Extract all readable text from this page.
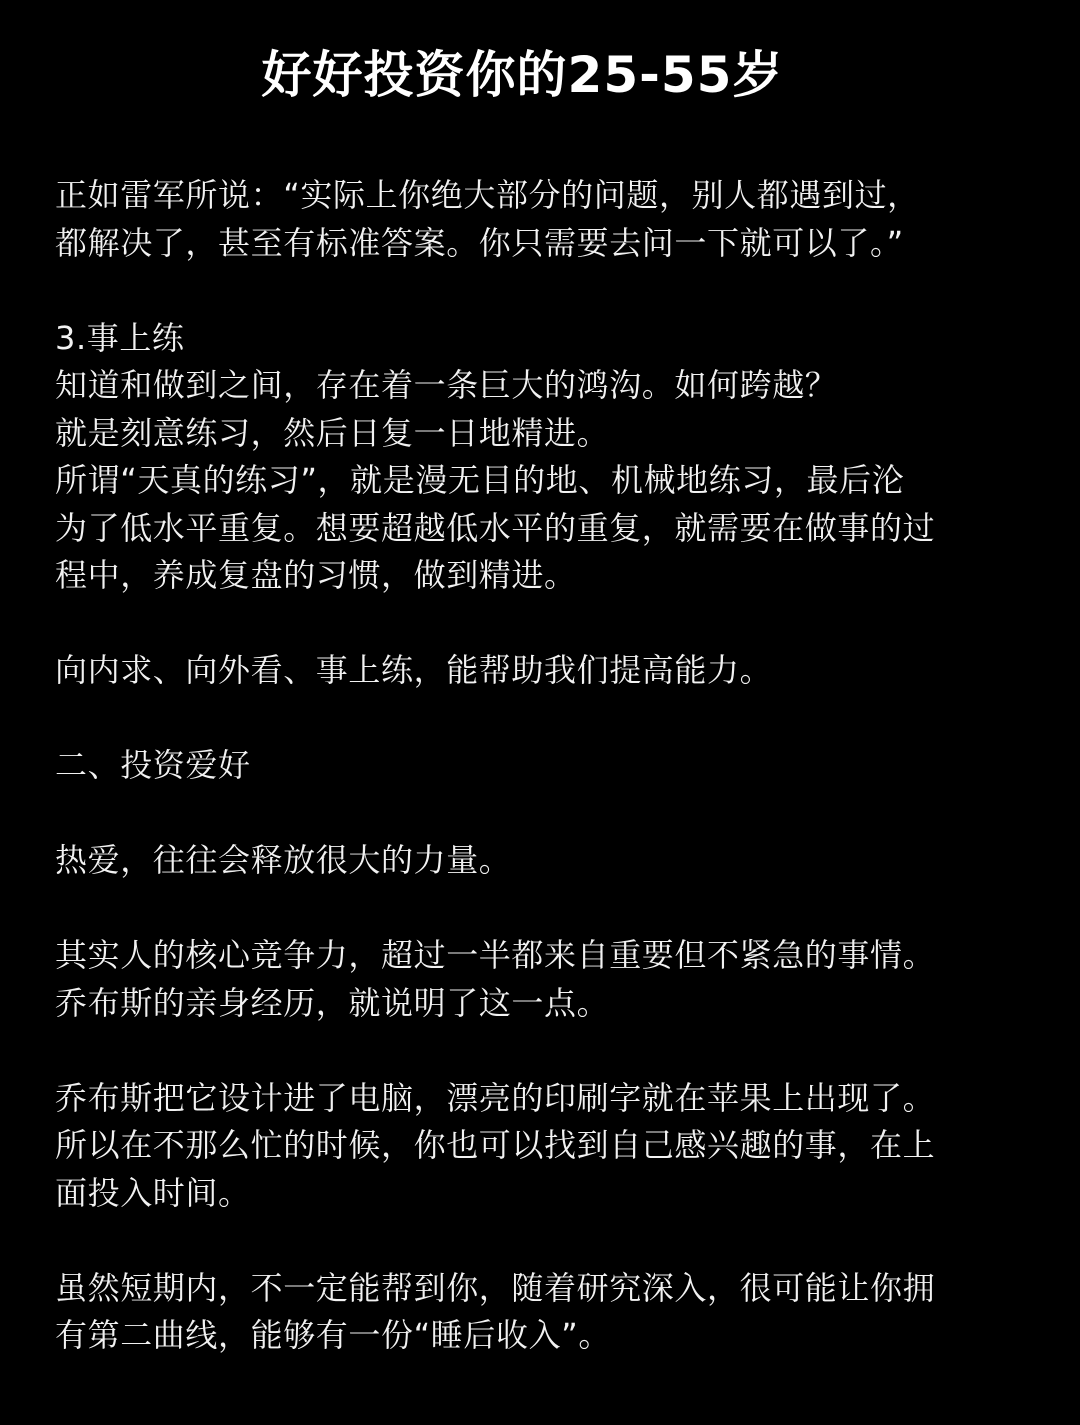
好好投资你的25-55岁
正如雷军所说：“实际上你绝大部分的问题，别人都遇到过，
都解决了，甚至有标准答案。你只需要去问一下就可以了。”
3.事上练
知道和做到之间，存在着一条巨大的鸿沟。如何跨越？
就是刻意练习，然后日复一日地精进。
所谓“天真的练习”，就是漫无目的地、机械地练习，最后沦
为了低水平重复。想要超越低水平的重复，就需要在做事的过
程中，养成复盘的习惯，做到精进。
向内求、向外看、事上练，能帮助我们提高能力。
二、投资爱好
热爱，往往会释放很大的力量。
其实人的核心竞争力，超过一半都来自重要但不紧急的事情。
乔布斯的亲身经历，就说明了这一点。
乔布斯把它设计进了电脑，漂亮的印刷字就在苹果上出现了。
所以在不那么忙的时候，你也可以找到自己感兴趣的事，在上
面投入时间。
虽然短期内，不一定能帮到你，随着研究深入，很可能让你拥
有第二曲线，能够有一份“睡后收入”。
